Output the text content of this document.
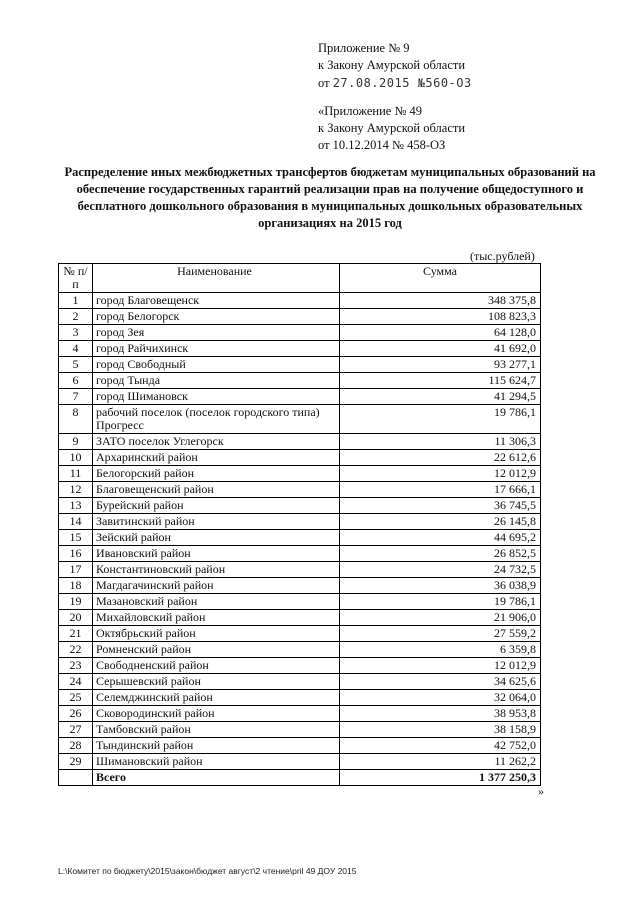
Приложение № 9
к Закону Амурской области
от 27.08.2015 №560-ОЗ
«Приложение № 49
к Закону Амурской области
от 10.12.2014 № 458-ОЗ
Распределение иных межбюджетных трансфертов бюджетам муниципальных образований на обеспечение государственных гарантий реализации прав на получение общедоступного и бесплатного дошкольного образования в муниципальных дошкольных образовательных организациях на 2015 год
(тыс.рублей)
№ п/п	Наименование	Сумма
1	город Благовещенск	348 375,8
2	город Белогорск	108 823,3
3	город Зея	64 128,0
4	город Райчихинск	41 692,0
5	город Свободный	93 277,1
6	город Тында	115 624,7
7	город Шимановск	41 294,5
8	рабочий поселок (поселок городского типа) Прогресс	19 786,1
9	ЗАТО поселок Углегорск	11 306,3
10	Архаринский район	22 612,6
11	Белогорский район	12 012,9
12	Благовещенский район	17 666,1
13	Бурейский район	36 745,5
14	Завитинский район	26 145,8
15	Зейский район	44 695,2
16	Ивановский район	26 852,5
17	Константиновский район	24 732,5
18	Магдагачинский район	36 038,9
19	Мазановский район	19 786,1
20	Михайловский район	21 906,0
21	Октябрьский район	27 559,2
22	Ромненский район	6 359,8
23	Свободненский район	12 012,9
24	Серышевский район	34 625,6
25	Селемджинский район	32 064,0
26	Сковородинский район	38 953,8
27	Тамбовский район	38 158,9
28	Тындинский район	42 752,0
29	Шимановский район	11 262,2
	Всего	1 377 250,3
»
L:\Комитет по бюджету\2015\закон\бюджет август\2 чтение\pril 49 ДОУ 2015
